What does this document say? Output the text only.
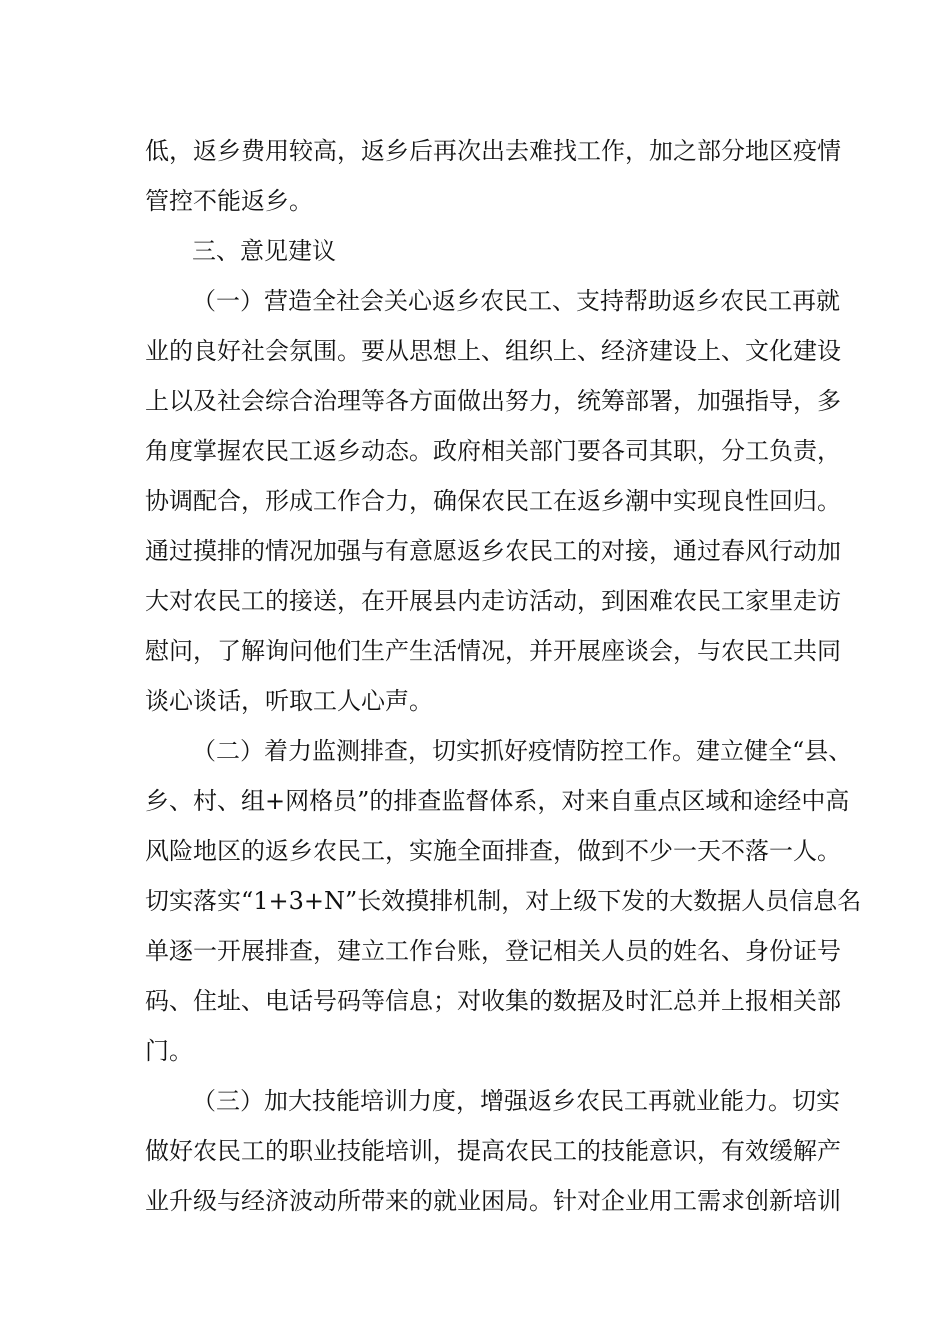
低，返乡费用较高，返乡后再次出去难找工作，加之部分地区疫情
管控不能返乡。
三、意见建议
（一）营造全社会关心返乡农民工、支持帮助返乡农民工再就
业的良好社会氛围。要从思想上、组织上、经济建设上、文化建设
上以及社会综合治理等各方面做出努力，统筹部署，加强指导，多
角度掌握农民工返乡动态。政府相关部门要各司其职，分工负责，
协调配合，形成工作合力，确保农民工在返乡潮中实现良性回归。
通过摸排的情况加强与有意愿返乡农民工的对接，通过春风行动加
大对农民工的接送，在开展县内走访活动，到困难农民工家里走访
慰问，了解询问他们生产生活情况，并开展座谈会，与农民工共同
谈心谈话，听取工人心声。
（二）着力监测排查，切实抓好疫情防控工作。建立健全“县、
乡、村、组+网格员”的排查监督体系，对来自重点区域和途经中高
风险地区的返乡农民工，实施全面排查，做到不少一天不落一人。
切实落实“1+3+N”长效摸排机制，对上级下发的大数据人员信息名
单逐一开展排查，建立工作台账，登记相关人员的姓名、身份证号
码、住址、电话号码等信息；对收集的数据及时汇总并上报相关部
门。
（三）加大技能培训力度，增强返乡农民工再就业能力。切实
做好农民工的职业技能培训，提高农民工的技能意识，有效缓解产
业升级与经济波动所带来的就业困局。针对企业用工需求创新培训
